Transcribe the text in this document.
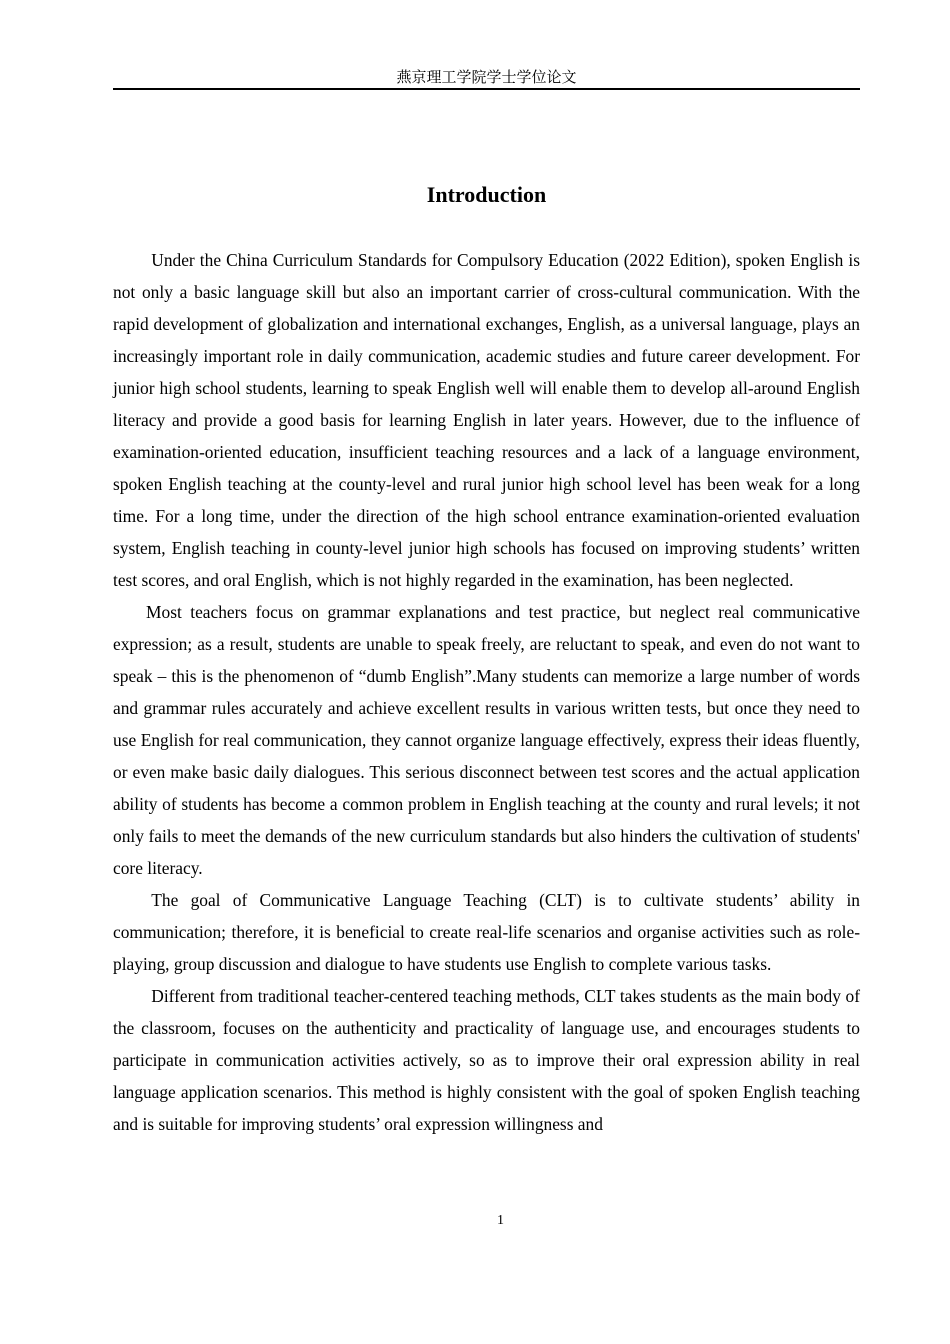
燕京理工学院学士学位论文
Introduction

Under the China Curriculum Standards for Compulsory Education (2022 Edition), spoken English is not only a basic language skill but also an important carrier of cross-cultural communication. With the rapid development of globalization and international exchanges, English, as a universal language, plays an increasingly important role in daily communication, academic studies and future career development. For junior high school students, learning to speak English well will enable them to develop all-around English literacy and provide a good basis for learning English in later years. However, due to the influence of examination-oriented education, insufficient teaching resources and a lack of a language environment, spoken English teaching at the county-level and rural junior high school level has been weak for a long time. For a long time, under the direction of the high school entrance examination-oriented evaluation system, English teaching in county-level junior high schools has focused on improving students’ written test scores, and oral English, which is not highly regarded in the examination, has been neglected.

Most teachers focus on grammar explanations and test practice, but neglect real communicative expression; as a result, students are unable to speak freely, are reluctant to speak, and even do not want to speak – this is the phenomenon of “dumb English”.Many students can memorize a large number of words and grammar rules accurately and achieve excellent results in various written tests, but once they need to use English for real communication, they cannot organize language effectively, express their ideas fluently, or even make basic daily dialogues. This serious disconnect between test scores and the actual application ability of students has become a common problem in English teaching at the county and rural levels; it not only fails to meet the demands of the new curriculum standards but also hinders the cultivation of students' core literacy.

The goal of Communicative Language Teaching (CLT) is to cultivate students’ ability in communication; therefore, it is beneficial to create real-life scenarios and organise activities such as role-playing, group discussion and dialogue to have students use English to complete various tasks.

Different from traditional teacher-centered teaching methods, CLT takes students as the main body of the classroom, focuses on the authenticity and practicality of language use, and encourages students to participate in communication activities actively, so as to improve their oral expression ability in real language application scenarios. This method is highly consistent with the goal of spoken English teaching and is suitable for improving students’ oral expression willingness and

1
